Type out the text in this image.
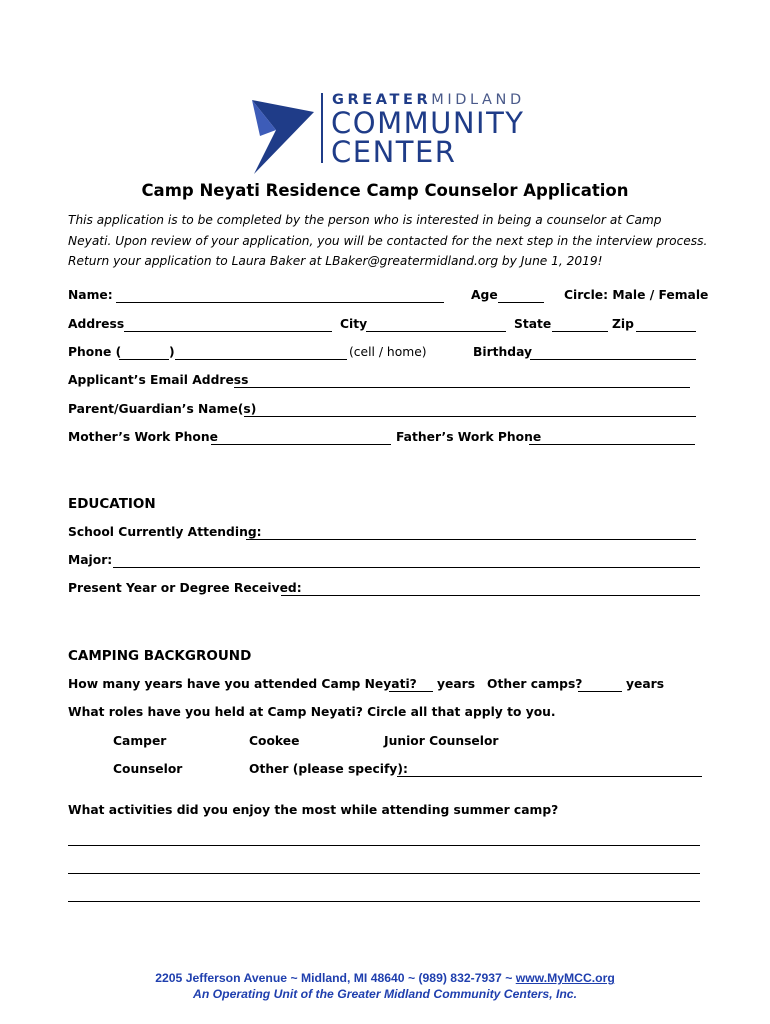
GREATERMIDLAND
COMMUNITY
CENTER
Camp Neyati Residence Camp Counselor Application
This application is to be completed by the person who is interested in being a counselor at Camp Neyati. Upon review of your application, you will be contacted for the next step in the interview process. Return your application to Laura Baker at LBaker@greatermidland.org by June 1, 2019!
Name:	Age	Circle: Male / Female
Address	City	State	Zip
Phone (	)	(cell / home)	Birthday
Applicant’s Email Address
Parent/Guardian’s Name(s)
Mother’s Work Phone	Father’s Work Phone
EDUCATION
School Currently Attending:
Major:
Present Year or Degree Received:
CAMPING BACKGROUND
How many years have you attended Camp Neyati? years Other camps?	years
What roles have you held at Camp Neyati? Circle all that apply to you.
Camper	Cookee	Junior Counselor
Counselor	Other (please specify):
What activities did you enjoy the most while attending summer camp?
2205 Jefferson Avenue ~ Midland, MI 48640 ~ (989) 832-7937 ~ www.MyMCC.org
An Operating Unit of the Greater Midland Community Centers, Inc.
